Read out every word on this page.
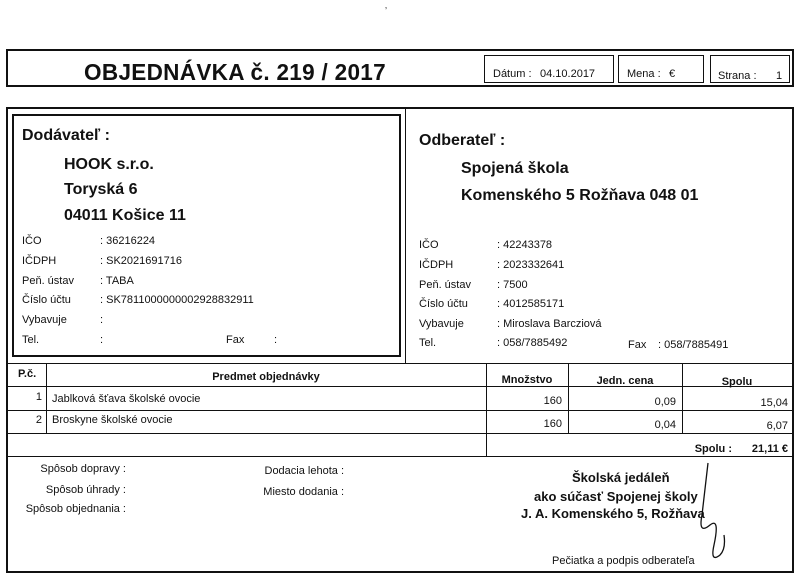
‚
OBJEDNÁVKA č. 219 / 2017	Dátum : 04.10.2017	Mena : €	Strana : 1
Dodávateľ :
HOOK s.r.o.
Toryská 6
04011 Košice 11
IČO	: 36216224
IČDPH	: SK2021691716
Peň. ústav : TABA
Číslo účtu	: SK7811000000002928832911
Vybavuje	:
Tel.	:	Fax	:
Odberateľ :
Spojená škola
Komenského 5 Rožňava 048 01
IČO	: 42243378
IČDPH	: 2023332641
Peň. ústav : 7500
Číslo účtu	: 4012585171
Vybavuje	: Miroslava Barcziová
Tel.	: 058/7885492	Fax : 058/7885491
P.č.	Predmet objednávky	Množstvo	Jedn. cena	Spolu
1 Jablková šťava školské ovocie	160	0,09	15,04
2 Broskyne školské ovocie	160	0,04	6,07
Spolu :	21,11 €
Spôsob dopravy :
Spôsob úhrady :
Spôsob objednania :
Dodacia lehota :
Miesto dodania :
Školská jedáleň
ako súčasť Spojenej školy
J. A. Komenského 5, Rožňava
Pečiatka a podpis odberateľa
